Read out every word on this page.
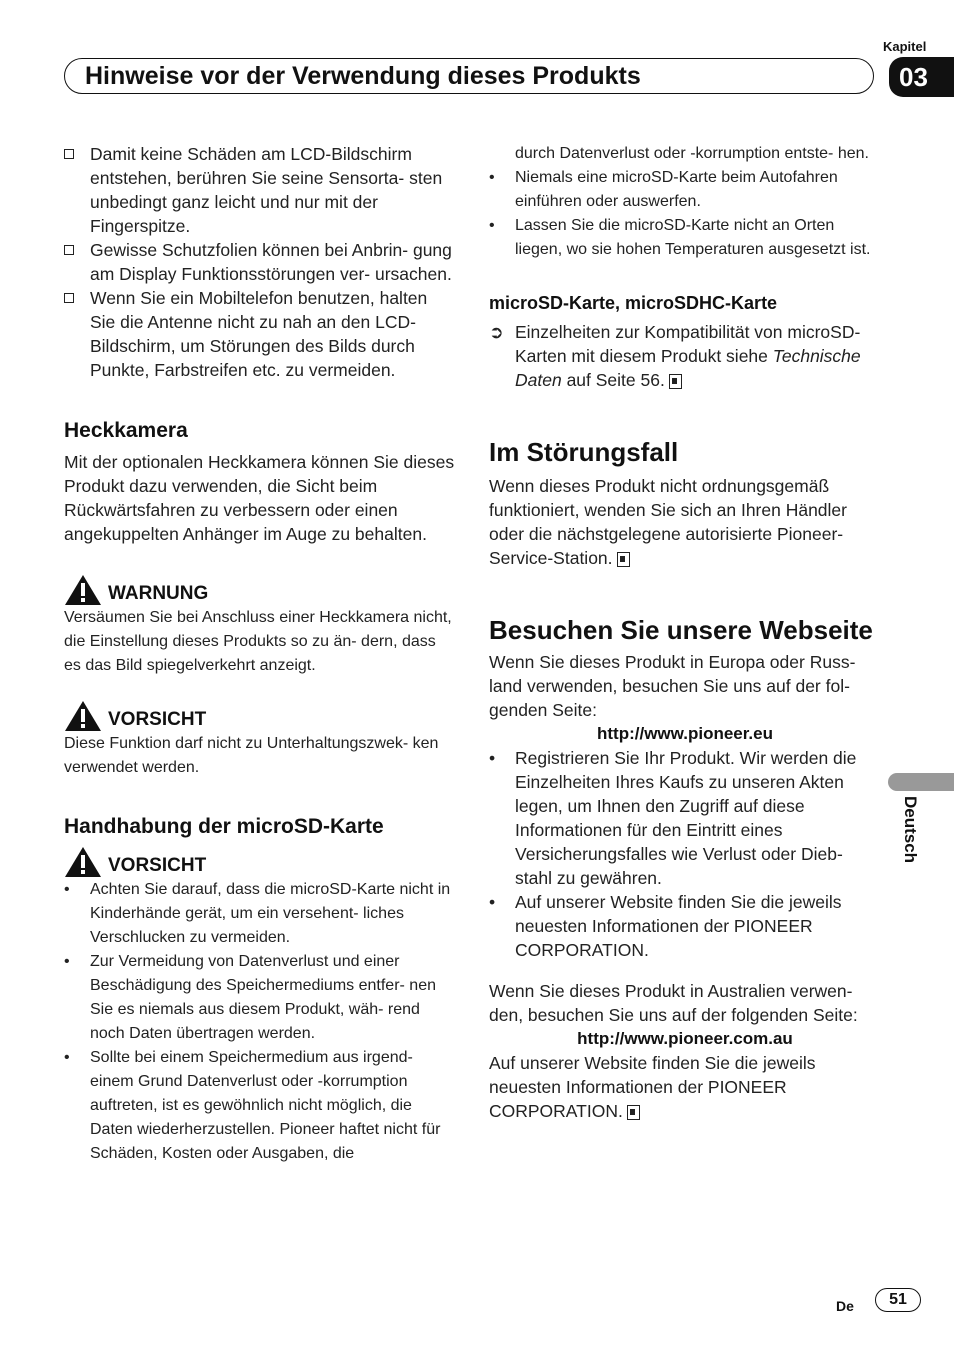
Hinweise vor der Verwendung dieses Produkts
Kapitel
03
Deutsch

Damit keine Schäden am LCD-Bildschirm entstehen, berühren Sie seine Sensorta- sten unbedingt ganz leicht und nur mit der Fingerspitze.

Gewisse Schutzfolien können bei Anbrin- gung am Display Funktionsstörungen ver- ursachen.

Wenn Sie ein Mobiltelefon benutzen, halten Sie die Antenne nicht zu nah an den LCD- Bildschirm, um Störungen des Bilds durch Punkte, Farbstreifen etc. zu vermeiden.

Heckkamera

Mit der optionalen Heckkamera können Sie dieses Produkt dazu verwenden, die Sicht beim Rückwärtsfahren zu verbessern oder einen angekuppelten Anhänger im Auge zu behalten.

WARNUNG

Versäumen Sie bei Anschluss einer Heckkamera nicht, die Einstellung dieses Produkts so zu än- dern, dass es das Bild spiegelverkehrt anzeigt.

VORSICHT

Diese Funktion darf nicht zu Unterhaltungszwek- ken verwendet werden.

Handhabung der microSD-Karte
VORSICHT

• Achten Sie darauf, dass die microSD-Karte nicht in Kinderhände gerät, um ein versehent- liches Verschlucken zu vermeiden.

• Zur Vermeidung von Datenverlust und einer Beschädigung des Speichermediums entfer- nen Sie es niemals aus diesem Produkt, wäh- rend noch Daten übertragen werden.

• Sollte bei einem Speichermedium aus irgend- einem Grund Datenverlust oder -korrumption auftreten, ist es gewöhnlich nicht möglich, die Daten wiederherzustellen. Pioneer haftet nicht für Schäden, Kosten oder Ausgaben, die

durch Datenverlust oder -korrumption entste- hen.

• Niemals eine microSD-Karte beim Autofahren einführen oder auswerfen.

• Lassen Sie die microSD-Karte nicht an Orten liegen, wo sie hohen Temperaturen ausgesetzt ist.

microSD-Karte, microSDHC-Karte

➲ Einzelheiten zur Kompatibilität von microSD-Karten mit diesem Produkt siehe Technische Daten auf Seite 56.

Im Störungsfall

Wenn dieses Produkt nicht ordnungsgemäß funktioniert, wenden Sie sich an Ihren Händler oder die nächstgelegene autorisierte Pioneer- Service-Station.

Besuchen Sie unsere Webseite

Wenn Sie dieses Produkt in Europa oder Russ- land verwenden, besuchen Sie uns auf der fol- genden Seite:

http://www.pioneer.eu

• Registrieren Sie Ihr Produkt. Wir werden die Einzelheiten Ihres Kaufs zu unseren Akten legen, um Ihnen den Zugriff auf diese Informationen für den Eintritt eines Versicherungsfalles wie Verlust oder Dieb- stahl zu gewähren.

• Auf unserer Website finden Sie die jeweils neuesten Informationen der PIONEER CORPORATION.

Wenn Sie dieses Produkt in Australien verwen- den, besuchen Sie uns auf der folgenden Seite:

http://www.pioneer.com.au

Auf unserer Website finden Sie die jeweils neuesten Informationen der PIONEER CORPORATION.

De	51
